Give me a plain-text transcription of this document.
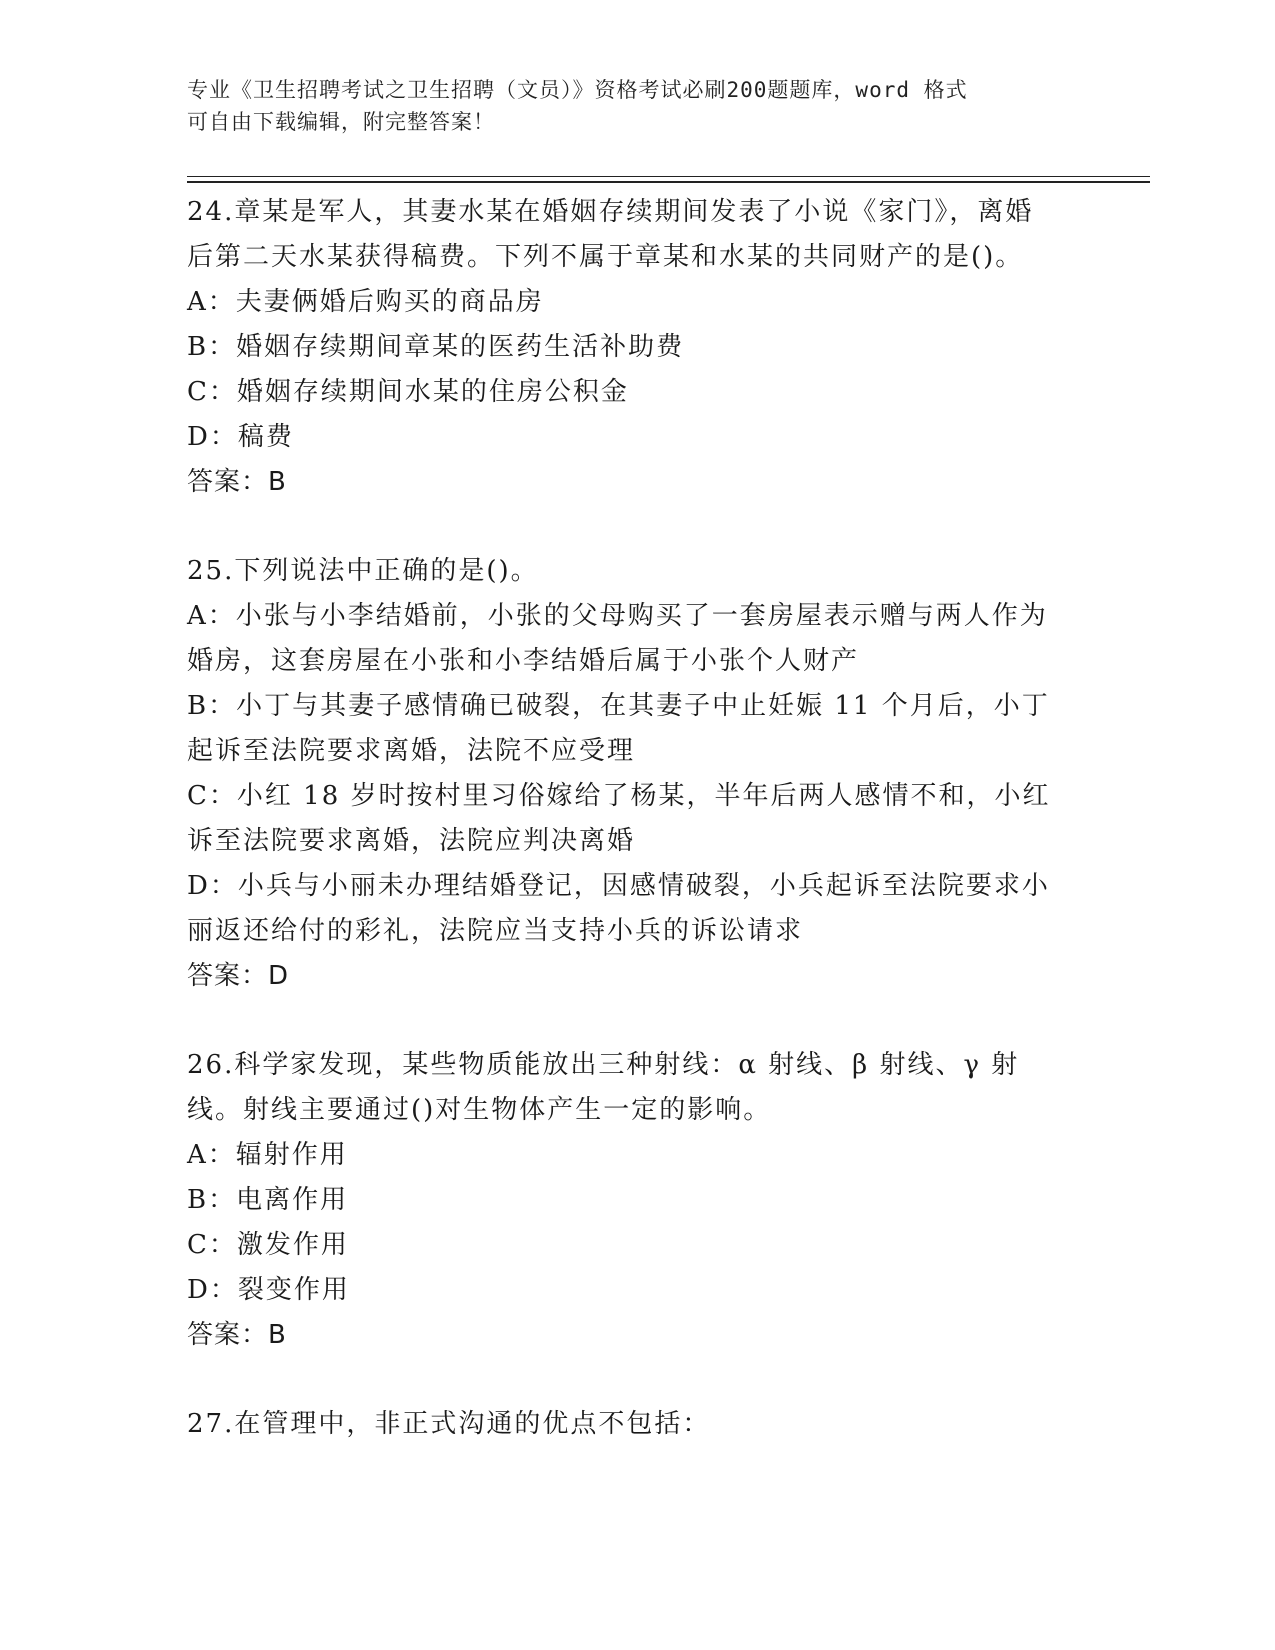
专业《卫生招聘考试之卫生招聘（文员）》资格考试必刷200题题库，word 格式
可自由下载编辑，附完整答案！

24.章某是军人，其妻水某在婚姻存续期间发表了小说《家门》，离婚
后第二天水某获得稿费。下列不属于章某和水某的共同财产的是()。

A：夫妻俩婚后购买的商品房

B：婚姻存续期间章某的医药生活补助费

C：婚姻存续期间水某的住房公积金

D：稿费

答案：B

25.下列说法中正确的是()。

A：小张与小李结婚前，小张的父母购买了一套房屋表示赠与两人作为
婚房，这套房屋在小张和小李结婚后属于小张个人财产

B：小丁与其妻子感情确已破裂，在其妻子中止妊娠 11 个月后，小丁
起诉至法院要求离婚，法院不应受理

C：小红 18 岁时按村里习俗嫁给了杨某，半年后两人感情不和，小红
诉至法院要求离婚，法院应判决离婚

D：小兵与小丽未办理结婚登记，因感情破裂，小兵起诉至法院要求小
丽返还给付的彩礼，法院应当支持小兵的诉讼请求

答案：D

26.科学家发现，某些物质能放出三种射线：α 射线、β 射线、γ 射
线。射线主要通过()对生物体产生一定的影响。

A：辐射作用

B：电离作用

C：激发作用

D：裂变作用

答案：B

27.在管理中，非正式沟通的优点不包括：
